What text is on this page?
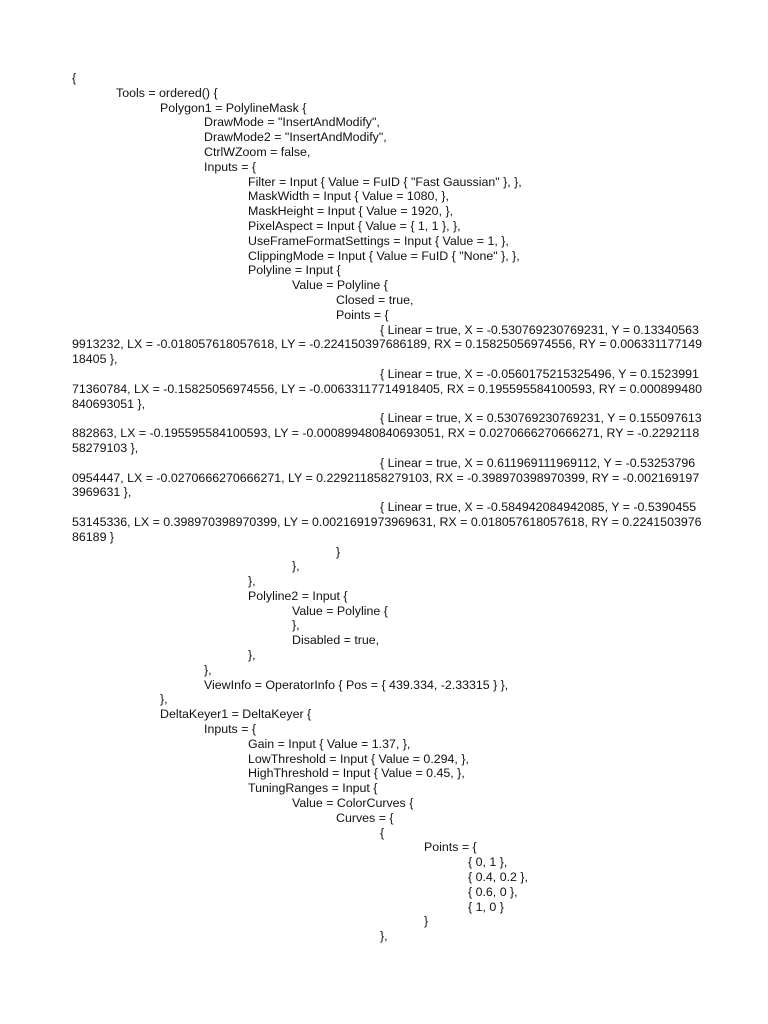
{
	Tools = ordered() {
		Polygon1 = PolylineMask {
			DrawMode = "InsertAndModify",
			DrawMode2 = "InsertAndModify",
			CtrlWZoom = false,
			Inputs = {
				Filter = Input { Value = FuID { "Fast Gaussian" }, },
				MaskWidth = Input { Value = 1080, },
				MaskHeight = Input { Value = 1920, },
				PixelAspect = Input { Value = { 1, 1 }, },
				UseFrameFormatSettings = Input { Value = 1, },
				ClippingMode = Input { Value = FuID { "None" }, },
				Polyline = Input {
					Value = Polyline {
						Closed = true,
						Points = {
							{ Linear = true, X = -0.530769230769231, Y = 0.133405639913232, LX = -0.018057618057618, LY = -0.224150397686189, RX = 0.15825056974556, RY = 0.00633117714918405 },
							{ Linear = true, X = -0.0560175215325496, Y = 0.152399171360784, LX = -0.15825056974556, LY = -0.00633117714918405, RX = 0.195595584100593, RY = 0.000899480840693051 },
							{ Linear = true, X = 0.530769230769231, Y = 0.155097613882863, LX = -0.195595584100593, LY = -0.000899480840693051, RX = 0.0270666270666271, RY = -0.229211858279103 },
							{ Linear = true, X = 0.611969111969112, Y = -0.532537960954447, LX = -0.0270666270666271, LY = 0.229211858279103, RX = -0.398970398970399, RY = -0.0021691973969631 },
							{ Linear = true, X = -0.584942084942085, Y = -0.539045553145336, LX = 0.398970398970399, LY = 0.0021691973969631, RX = 0.018057618057618, RY = 0.224150397686189 }
						}
					},
				},
				Polyline2 = Input {
					Value = Polyline {
					},
					Disabled = true,
				},
			},
			ViewInfo = OperatorInfo { Pos = { 439.334, -2.33315 } },
		},
		DeltaKeyer1 = DeltaKeyer {
			Inputs = {
				Gain = Input { Value = 1.37, },
				LowThreshold = Input { Value = 0.294, },
				HighThreshold = Input { Value = 0.45, },
				TuningRanges = Input {
					Value = ColorCurves {
						Curves = {
							{
								Points = {
									{ 0, 1 },
									{ 0.4, 0.2 },
									{ 0.6, 0 },
									{ 1, 0 }
								}
							},
